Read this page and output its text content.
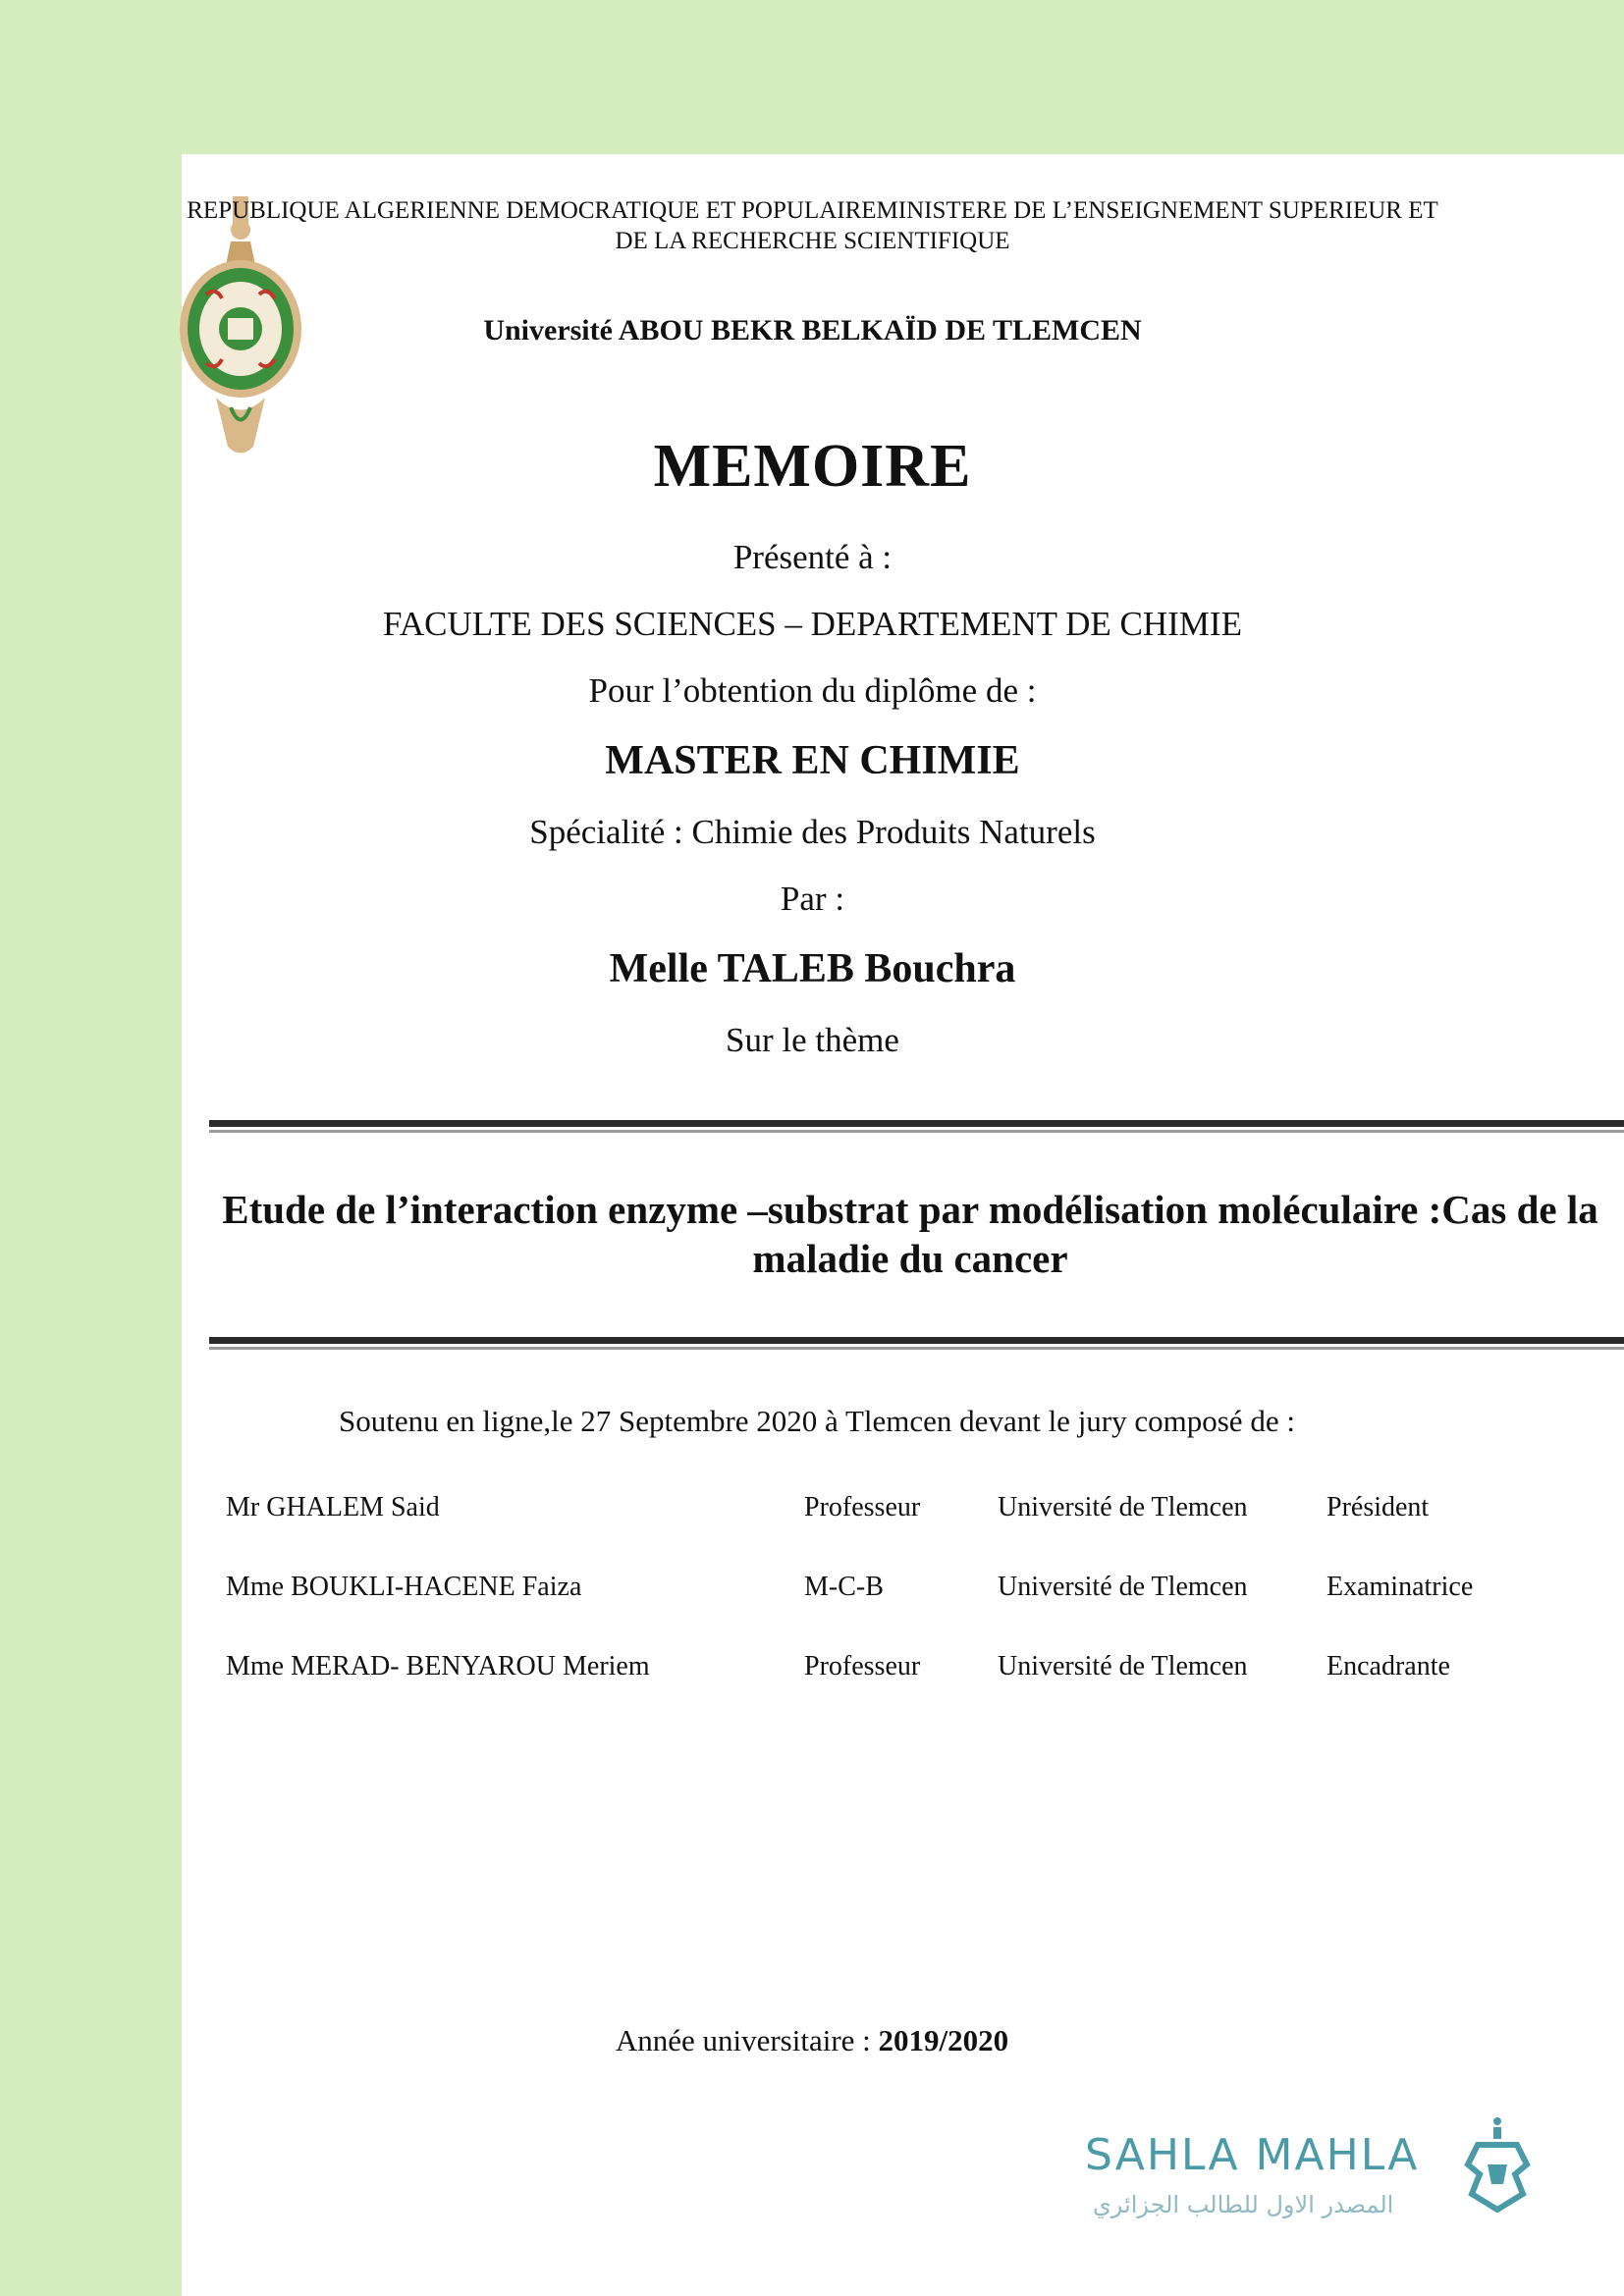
REPUBLIQUE ALGERIENNE DEMOCRATIQUE ET POPULAIREMINISTERE DE L’ENSEIGNEMENT SUPERIEUR ET DE LA RECHERCHE SCIENTIFIQUE
Université ABOU BEKR BELKAÏD DE TLEMCEN
MEMOIRE
Présenté à :
FACULTE DES SCIENCES – DEPARTEMENT DE CHIMIE
Pour l’obtention du diplôme de :
MASTER EN CHIMIE
Spécialité : Chimie des Produits Naturels
Par :
Melle TALEB Bouchra
Sur le thème
Etude de l’interaction enzyme –substrat par modélisation moléculaire :Cas de la maladie du cancer
Soutenu en ligne,le 27 Septembre 2020 à Tlemcen devant le jury composé de :
Mr GHALEM Said	Professeur	Université de Tlemcen	Président
Mme BOUKLI-HACENE Faiza	M-C-B	Université de Tlemcen	Examinatrice
Mme MERAD- BENYAROU Meriem	Professeur	Université de Tlemcen	Encadrante
Année universitaire : 2019/2020
SAHLA MAHLA
المصدر الاول للطالب الجزائري
